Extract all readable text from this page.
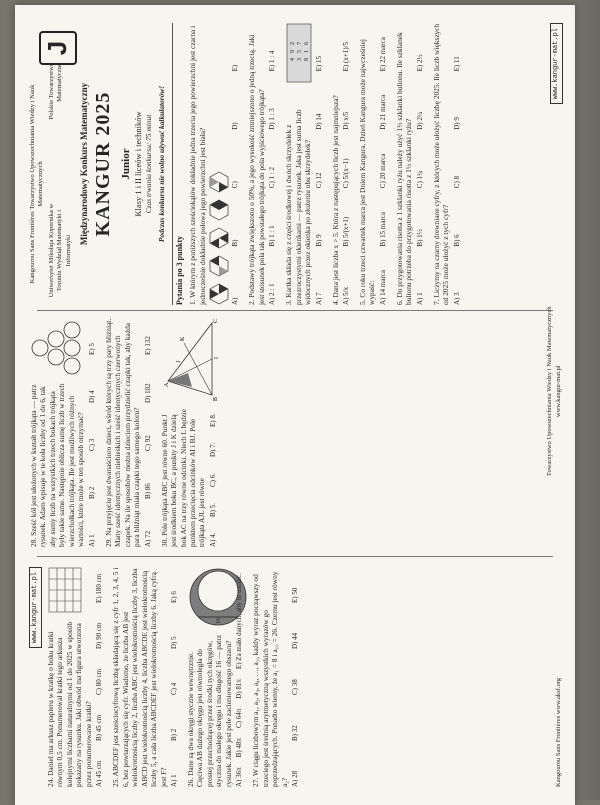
www.kangur-mat.pl
24. Daniel ma arkusz papieru w kratkę o boku kratki równym 0,5 cm. Ponumerował kratki tego arkusza kolejnymi liczbami naturalnymi od 1 do 2025 w sposób pokazany na rysunku. Jaki obwód ma figura utworzona przez ponumerowane kratki? A) 45 cm
B) 45 cm
C) 80 cm
D) 90 cm
E) 180 cm 25. ABCDEF jest sześciocyfrową liczbą składającą się z cyfr 1, 2, 3, 4, 5 i 6, bez powtarzających się cyfr. Wiadomo, że liczba AB jest wielokrotnością liczby 2, liczba ABC jest wielokrotnością liczby 3, liczba ABCD jest wielokrotnością liczby 4, liczba ABCDE jest wielokrotnością liczby 5, a cała liczba ABCDEF jest wielokrotnością liczby 6. Jaką cyfrą jest F? A) 1
B) 2
C) 4
D) 5
E) 6
16
26. Dane są dwa okręgi styczne wewnętrznie. Cięciwa AB dużego okręgu jest równoległa do prostej przechodzącej przez środki tych okręgów, styczna do małego okręgu i ma długość 16 — patrz rysunek. Jakie jest pole zacieniowanego obszaru? A) 36π
B) 48π
C) 64π
D) 81π
E) Za mało danych, aby to ustalić. 27. W ciągu liczbowym a₁, a₂, a₃, a₄, …, a₁₀ każdy wyraz począwszy od trzeciego jest średnią arytmetyczną wszystkich wyrazów go poprzedzających. Ponadto wiemy, że a₁ = 8 i a₁₀ = 26. Czemu jest równy a₂? A) 28
B) 32
C) 38
D) 44
E) 50
28. Sześć kół jest ułożonych w kształt trójkąta — patrz rysunek. Adam wpisuje w te koła liczby od 1 do 6, tak aby sumy liczb na wszystkich trzech bokach trójkąta były takie same. Następnie oblicza sumę liczb w trzech wierzchołkach trójkąta. Ile jest możliwych różnych wartości, które może w ten sposób otrzymać? A) 1
B) 2
C) 3
D) 4
E) 5 29. Na przyjęciu jest dwanaścioro dzieci, wśród których są trzy pary bliźniąt. Many sześć identycznych niebieskich i sześć identycznych czerwonych czapek. Na ile sposobów można dzieciom przydzielić czapki tak, aby każda para bliźniąt miała czapki tego samego koloru? A) 72
B) 86
C) 92
D) 102
E) 132
A
B
C
K
J
I
30. Pole trójkąta ABC jest równe 60. Punkt J jest środkiem boku BC, a punkty J i K dzielą bok AC na trzy równe odcinki. Niech L będzie punktem przecięcia odcinków AI i BJ. Pole trójkąta AJL jest równe A) 4.
B) 5.
C) 6.
D) 7.
E) 8.
J
Kangourou Sans Frontières Towarzystwo Upowszechniania Wiedzy i Nauk Matematycznych
Uniwersytet Mikołaja Kopernika w Toruniu Wydział Matematyki i Informatyki
Polskie Towarzystwo Matematyczne
Międzynarodowy Konkurs Matematyczny KANGUR 2025 Junior Klasy 1 i II liceów i techników Czas trwania konkursu: 75 minut Podczas konkursu nie wolno używać kalkulatorów!
Pytania po 3 punkty 1. W którym z poniższych sześciokątów dokładnie jedna trzecia jego powierzchni jest czarna i jednocześnie dokładnie połowa jego powierzchni jest biała?	A)
B)
C)
D)
E) 2. Podstawy trójkąta zwiększono o 50%, a jego wysokość zmniejszono o jedną trzecią. Jaki jest stosunek pola tak powstałego trójkąta do pola wyjściowego trójkąta? A) 2 : 1
B) 1 : 1
C) 1 : 2
D) 1 : 3
E) 1 : 4 4
9
2
3
5
7
8
1
6
3. Kartka składa się z części środkowej i dwóch skrzydełek z przezroczystymi okienkami — patrz rysunek. Jaka jest suma liczb widocznych przez okienka po złożeniu obu skrzydełek? A) 7
B) 9
C) 12
D) 14
E) 15
4. Dana jest liczba x > 5. Która z następujących liczb jest najmniejsza? A) 5/x
B) 5/(x+1)
C) 5/(x−1)
D) x/5
E) (x+1)/5 5. Co roku trzeci czwartek marca jest Dniem Kangura. Dzień Kangura może najwcześniej wypaść: A) 14 marca
B) 15 marca
C) 20 marca
D) 21 marca
E) 22 marca 6. Do przygotowania risotta z 1 szklanki ryżu należy użyć 1⅓ szklanki bulionu. Ile szklanek bulionu potrzeba do przygotowania risotta z 1½ szklanki ryżu? A) 1
B) 1½
C) 1¾
D) 2¼
E) 2½ 7. Liczymy na czarny drewniane cyfry, z których może ułożyć liczbę 2025. Ile liczb większych od 2025 może ułożyć z tych cyfr? A) 3
B) 6
C) 8
D) 9
E) 11
Kangourou Sans Frontières www.aksf.org
Towarzystwo Upowszechniania Wiedzy i Nauk Matematycznych www.kangur-mat.pl
www.kangur-mat.pl
